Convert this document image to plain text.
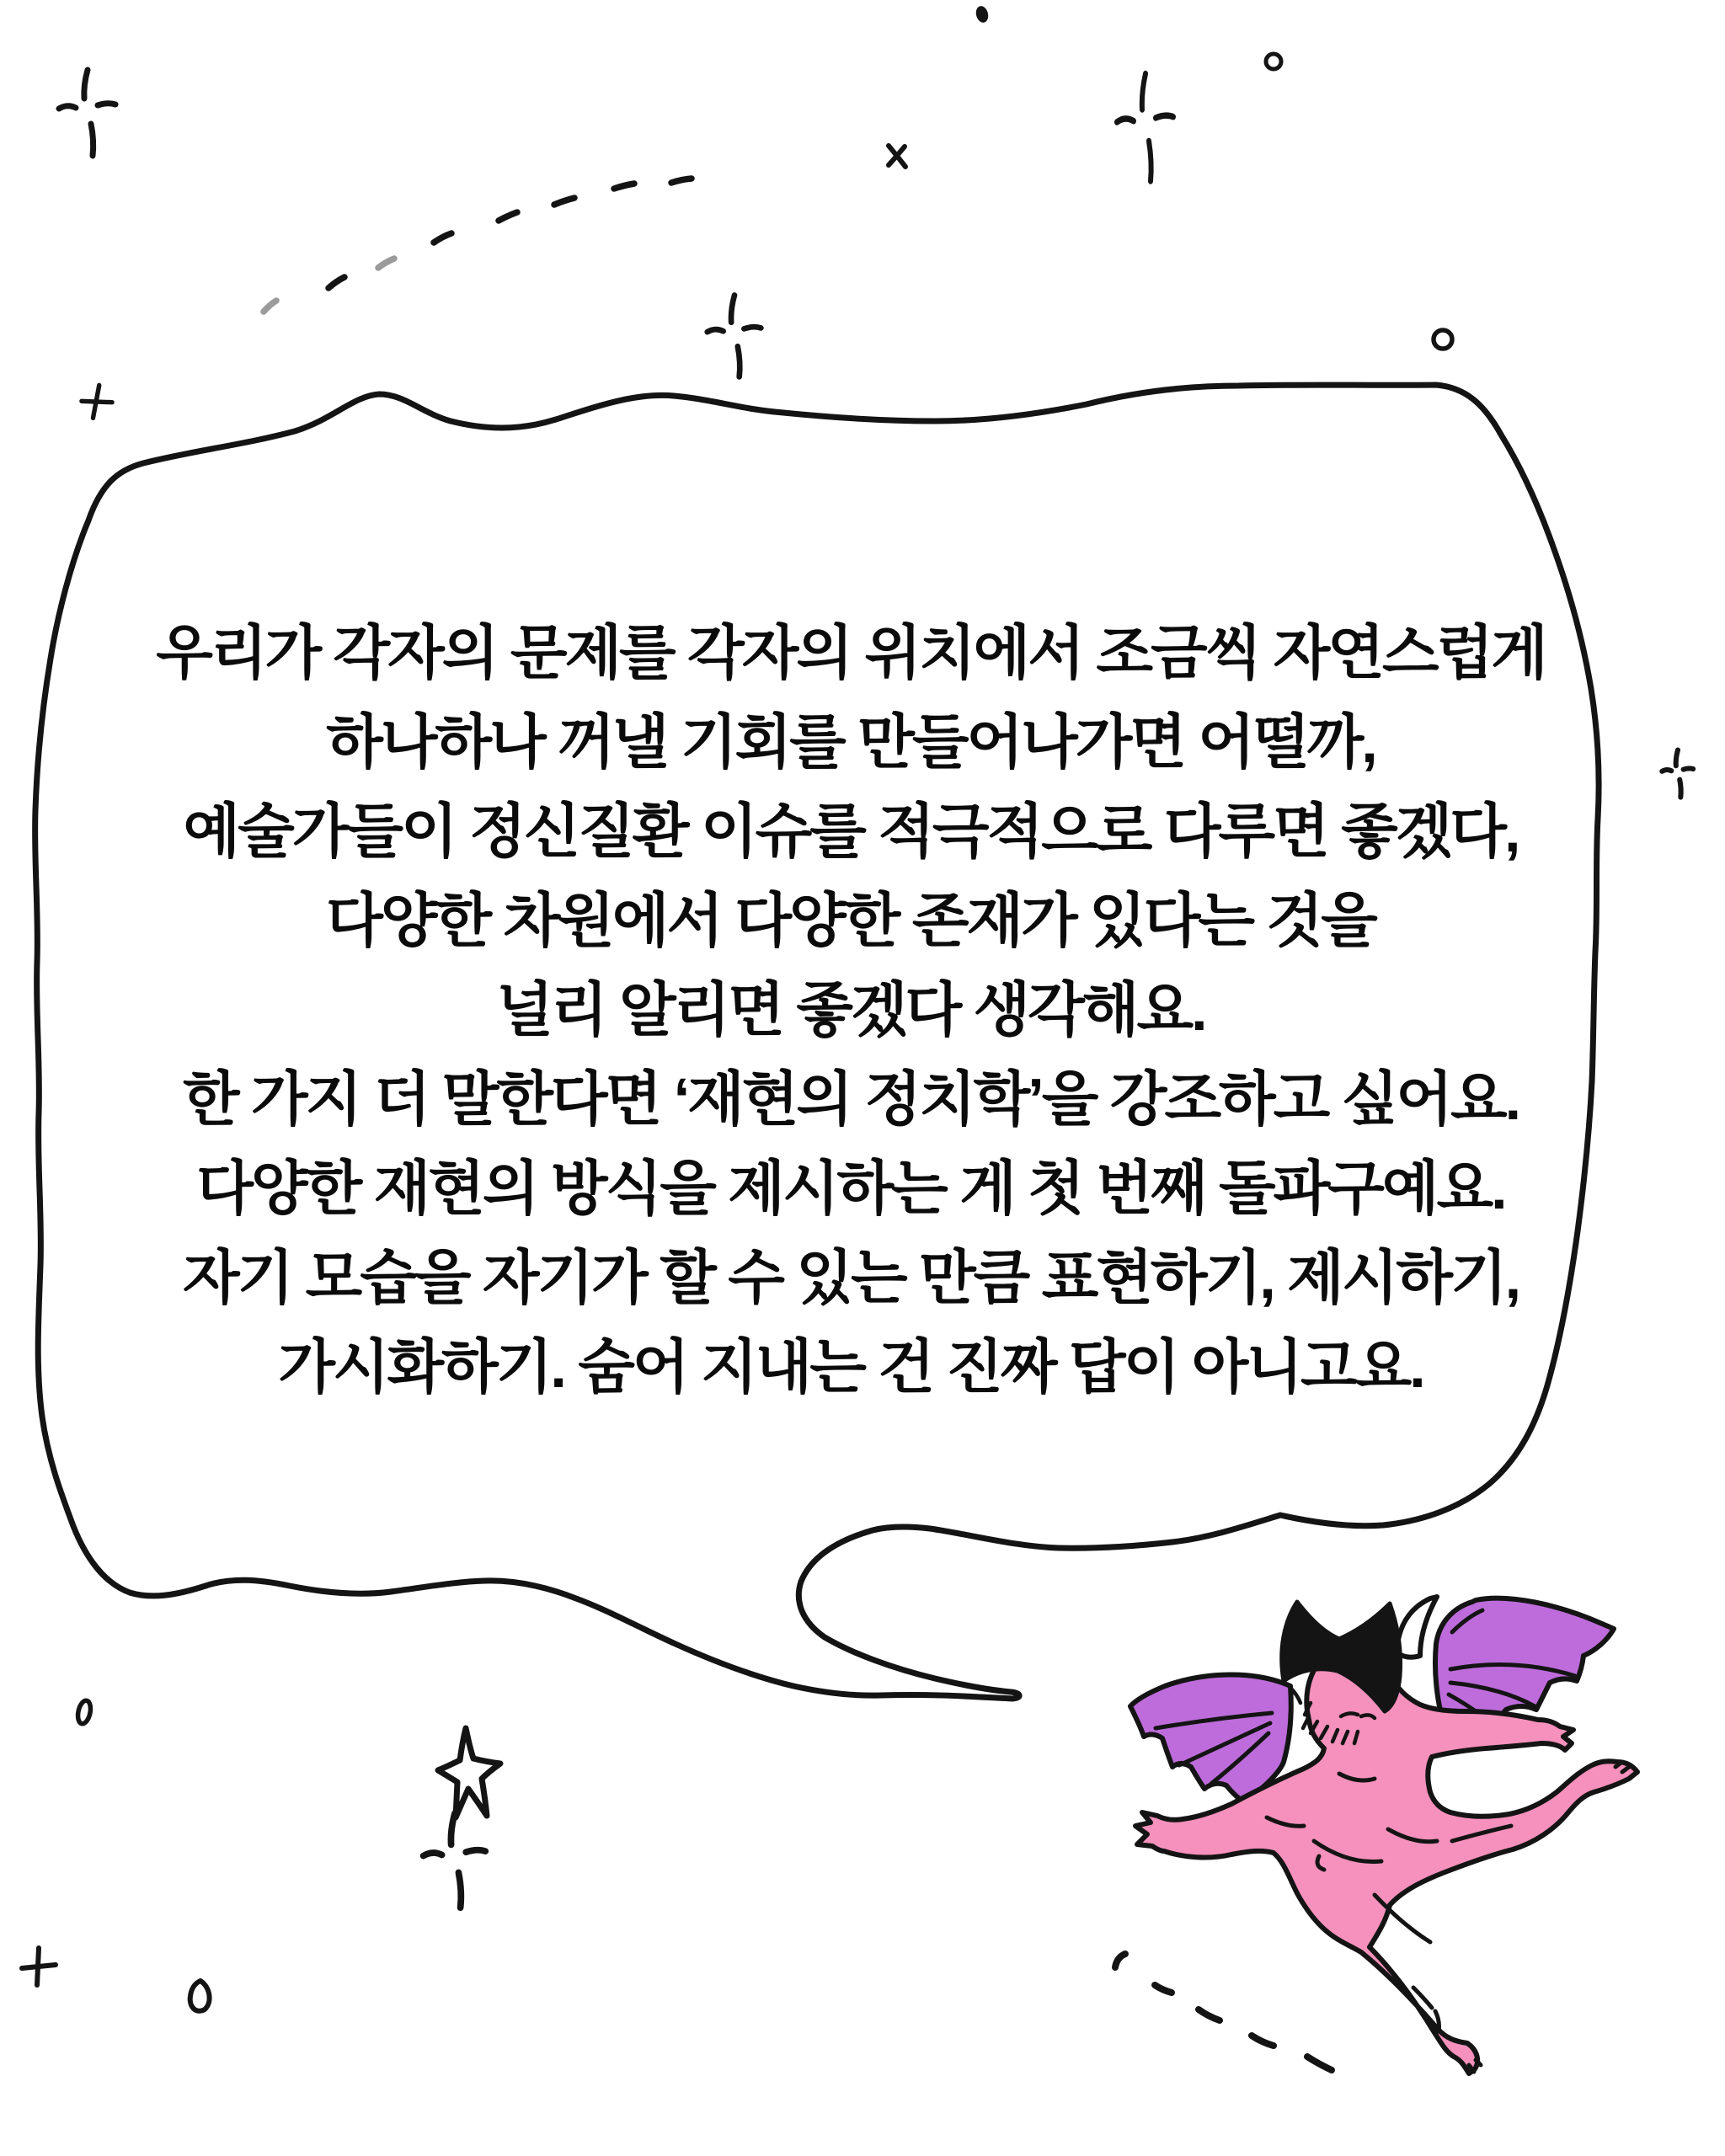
우리가 각자의 문제를 각자의 위치에서 조금씩 자연스럽게
하나하나 꺼낼 기회를 만들어나가면 어떨까,
예술가들이 정신질환 이슈를 적극적으로 다루면 좋겠다,
다양한 차원에서 다양한 존재가 있다는 것을
널리 알리면 좋겠다 생각해요.
한 가지 더 말한다면 ‘재현의 정치학’을 강조하고 싶어요.
다양한 재현의 방식을 제시하는 게 첫 번째 돌파구예요.
자기 모습을 자기가 할 수 있는 만큼 표현하기, 제시하기,
가시화하기. 숨어 지내는 건 진짜 답이 아니고요.
